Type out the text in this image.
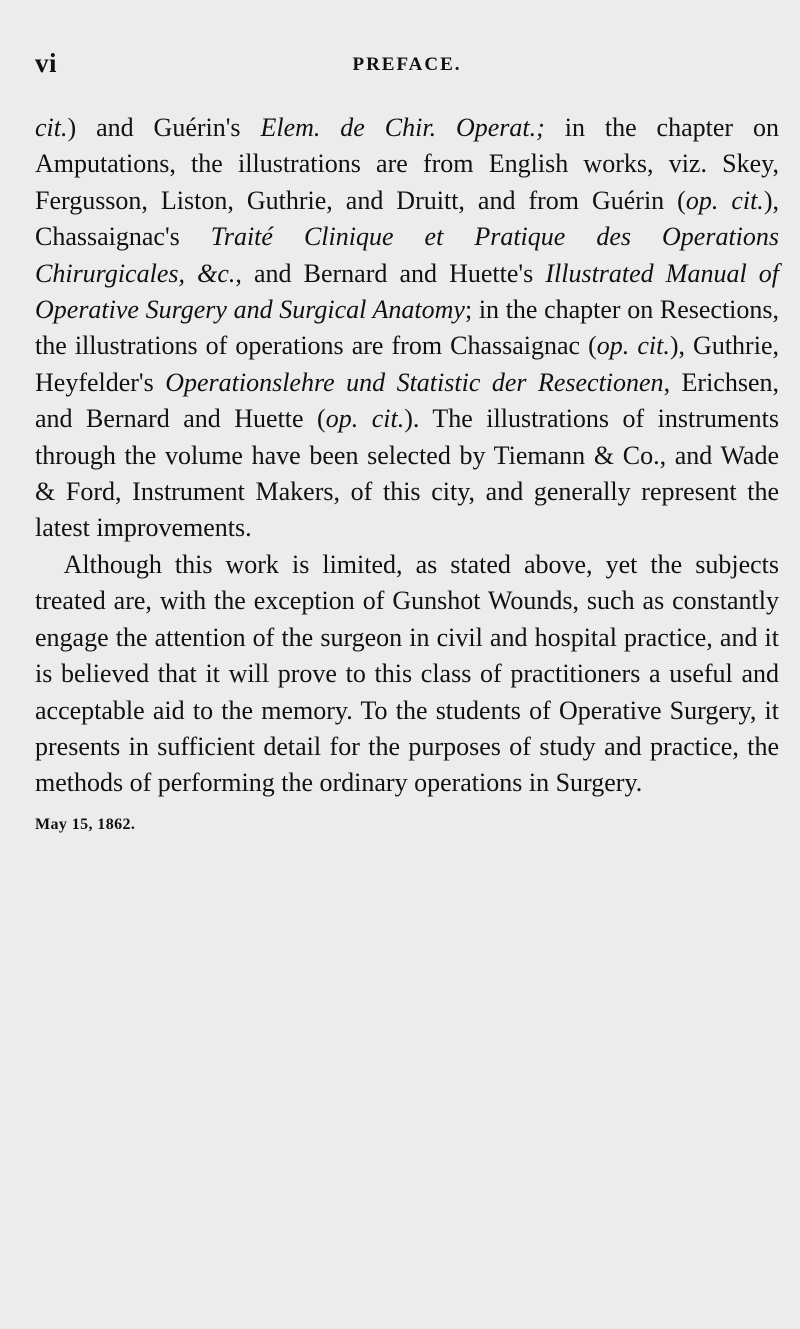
vi	PREFACE.

cit.) and Guérin's Elem. de Chir. Operat.; in the chapter on Amputations, the illustrations are from English works, viz. Skey, Fergusson, Liston, Guthrie, and Druitt, and from Guérin (op. cit.), Chassaignac's Traité Clinique et Pratique des Operations Chirurgicales, &c., and Bernard and Huette's Illustrated Manual of Operative Surgery and Surgical Anatomy; in the chapter on Resections, the illustrations of operations are from Chassaignac (op. cit.), Guthrie, Heyfelder's Operationslehre und Statistic der Resectionen, Erichsen, and Bernard and Huette (op. cit.). The illustrations of instruments through the volume have been selected by Tiemann & Co., and Wade & Ford, Instrument Makers, of this city, and generally represent the latest improvements.

Although this work is limited, as stated above, yet the subjects treated are, with the exception of Gunshot Wounds, such as constantly engage the attention of the surgeon in civil and hospital practice, and it is believed that it will prove to this class of practitioners a useful and acceptable aid to the memory. To the students of Operative Surgery, it presents in sufficient detail for the purposes of study and practice, the methods of performing the ordinary operations in Surgery.

May 15, 1862.
